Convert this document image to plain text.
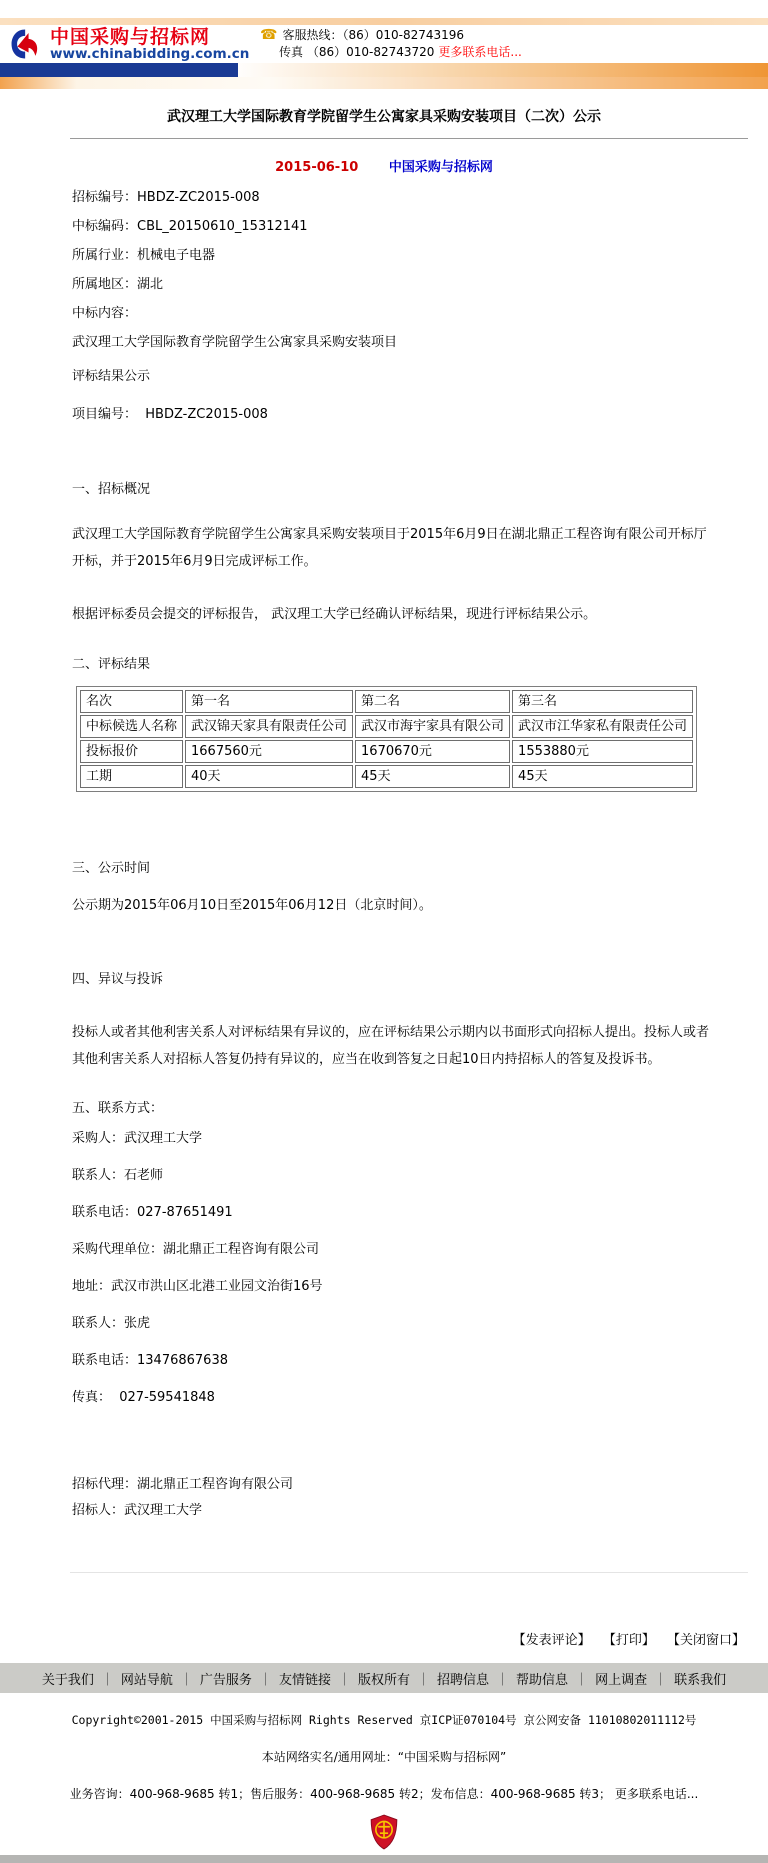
中国采购与招标网
www.chinabidding.com.cn
☎ 客服热线：（86）010-82743196
传真 （86）010-82743720 更多联系电话...
武汉理工大学国际教育学院留学生公寓家具采购安装项目（二次）公示
2015-06-10 中国采购与招标网

招标编号：HBDZ-ZC2015-008

中标编码：CBL_20150610_15312141

所属行业：机械电子电器

所属地区：湖北

中标内容：

武汉理工大学国际教育学院留学生公寓家具采购安装项目

评标结果公示

项目编号：  HBDZ-ZC2015-008

一、招标概况

武汉理工大学国际教育学院留学生公寓家具采购安装项目于2015年6月9日在湖北鼎正工程咨询有限公司开标厅开标，并于2015年6月9日完成评标工作。

根据评标委员会提交的评标报告， 武汉理工大学已经确认评标结果，现进行评标结果公示。

二、评标结果

名次	第一名	第二名	第三名
中标候选人名称	武汉锦天家具有限责任公司	武汉市海宇家具有限公司	武汉市江华家私有限责任公司
投标报价	1667560元	1670670元	1553880元
工期	40天	45天	45天

三、公示时间

公示期为2015年06月10日至2015年06月12日（北京时间）。

四、异议与投诉

投标人或者其他利害关系人对评标结果有异议的，应在评标结果公示期内以书面形式向招标人提出。投标人或者其他利害关系人对招标人答复仍持有异议的，应当在收到答复之日起10日内持招标人的答复及投诉书。

五、联系方式：

采购人：武汉理工大学

联系人：石老师

联系电话：027-87651491

采购代理单位：湖北鼎正工程咨询有限公司

地址：武汉市洪山区北港工业园文治街16号

联系人：张虎

联系电话：13476867638

传真：  027-59541848

招标代理：湖北鼎正工程咨询有限公司

招标人：武汉理工大学

【发表评论】 【打印】 【关闭窗口】
关于我们 ｜ 网站导航 ｜ 广告服务 ｜ 友情链接 ｜ 版权所有 ｜ 招聘信息 ｜ 帮助信息 ｜ 网上调查 ｜ 联系我们
Copyright©2001-2015 中国采购与招标网 Rights Reserved 京ICP证070104号 京公网安备 11010802011112号
本站网络实名/通用网址：“中国采购与招标网”
业务咨询：400-968-9685 转1；售后服务：400-968-9685 转2；发布信息：400-968-9685 转3； 更多联系电话...
